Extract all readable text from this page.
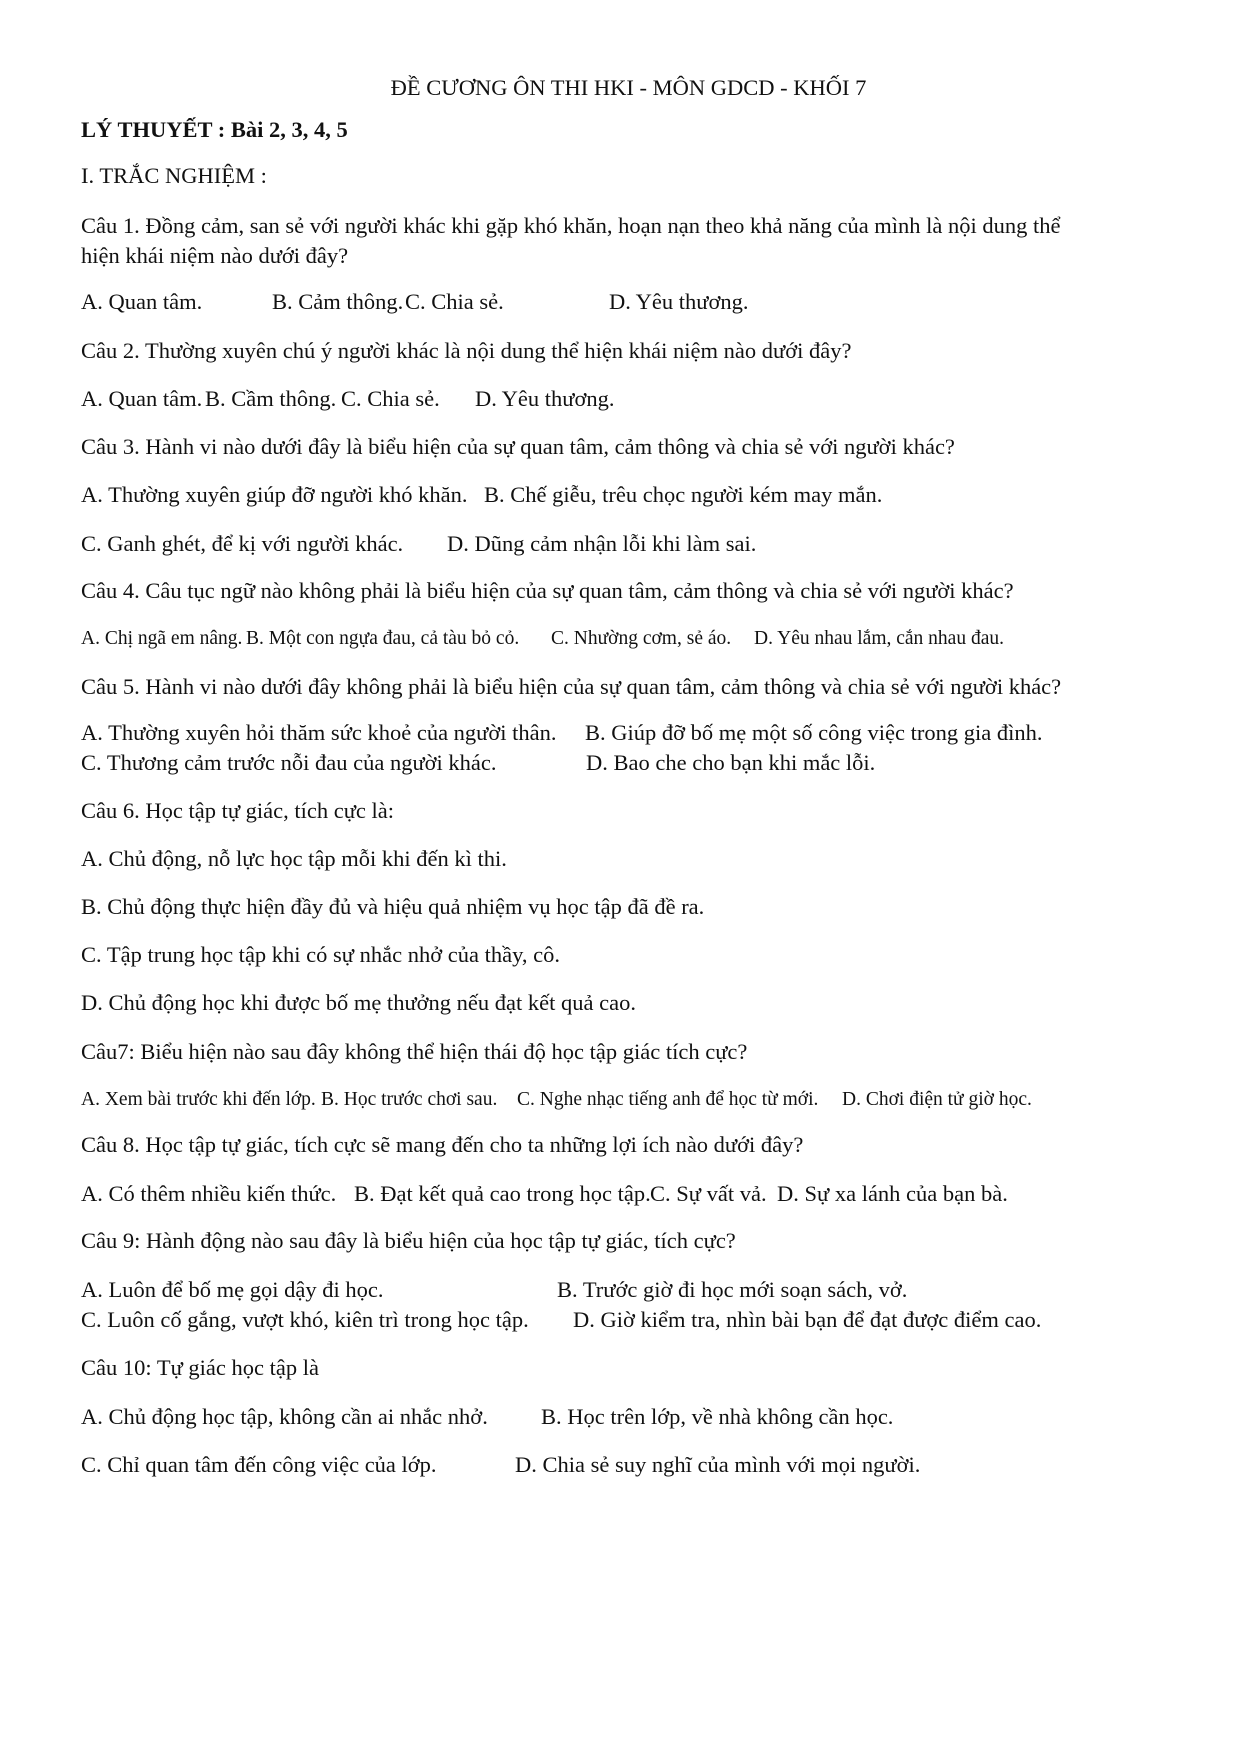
ĐỀ CƯƠNG ÔN THI HKI - MÔN GDCD - KHỐI 7
LÝ THUYẾT : Bài 2, 3, 4, 5
I. TRẮC NGHIỆM :
Câu 1. Đồng cảm, san sẻ với người khác khi gặp khó khăn, hoạn nạn theo khả năng của mình là nội dung thể
hiện khái niệm nào dưới đây?
A. Quan tâm.	B. Cảm thông. C. Chia sẻ.	D. Yêu thương.
Câu 2. Thường xuyên chú ý người khác là nội dung thể hiện khái niệm nào dưới đây?
A. Quan tâm. B. Cầm thông. C. Chia sẻ. D. Yêu thương.
Câu 3. Hành vi nào dưới đây là biểu hiện của sự quan tâm, cảm thông và chia sẻ với người khác?
A. Thường xuyên giúp đỡ người khó khăn. B. Chế giễu, trêu chọc người kém may mắn.
C. Ganh ghét, để kị với người khác. D. Dũng cảm nhận lỗi khi làm sai.
Câu 4. Câu tục ngữ nào không phải là biểu hiện của sự quan tâm, cảm thông và chia sẻ với người khác?
A. Chị ngã em nâng. B. Một con ngựa đau, cả tàu bỏ cỏ. C. Nhường cơm, sẻ áo. D. Yêu nhau lắm, cắn nhau đau.
Câu 5. Hành vi nào dưới đây không phải là biểu hiện của sự quan tâm, cảm thông và chia sẻ với người khác?
A. Thường xuyên hỏi thăm sức khoẻ của người thân. B. Giúp đỡ bố mẹ một số công việc trong gia đình.
C. Thương cảm trước nỗi đau của người khác.	D. Bao che cho bạn khi mắc lỗi.
Câu 6. Học tập tự giác, tích cực là:
A. Chủ động, nỗ lực học tập mỗi khi đến kì thi.
B. Chủ động thực hiện đầy đủ và hiệu quả nhiệm vụ học tập đã đề ra.
C. Tập trung học tập khi có sự nhắc nhở của thầy, cô.
D. Chủ động học khi được bố mẹ thưởng nếu đạt kết quả cao.
Câu7: Biểu hiện nào sau đây không thể hiện thái độ học tập giác tích cực?
A. Xem bài trước khi đến lớp. B. Học trước chơi sau. C. Nghe nhạc tiếng anh để học từ mới. D. Chơi điện tử giờ học.
Câu 8. Học tập tự giác, tích cực sẽ mang đến cho ta những lợi ích nào dưới đây?
A. Có thêm nhiều kiến thức. B. Đạt kết quả cao trong học tập. C. Sự vất vả. D. Sự xa lánh của bạn bà.
Câu 9: Hành động nào sau đây là biểu hiện của học tập tự giác, tích cực?
A. Luôn để bố mẹ gọi dậy đi học.	B. Trước giờ đi học mới soạn sách, vở.
C. Luôn cố gắng, vượt khó, kiên trì trong học tập. D. Giờ kiểm tra, nhìn bài bạn để đạt được điểm cao.
Câu 10: Tự giác học tập là
A. Chủ động học tập, không cần ai nhắc nhở. B. Học trên lớp, về nhà không cần học.
C. Chỉ quan tâm đến công việc của lớp.	D. Chia sẻ suy nghĩ của mình với mọi người.
